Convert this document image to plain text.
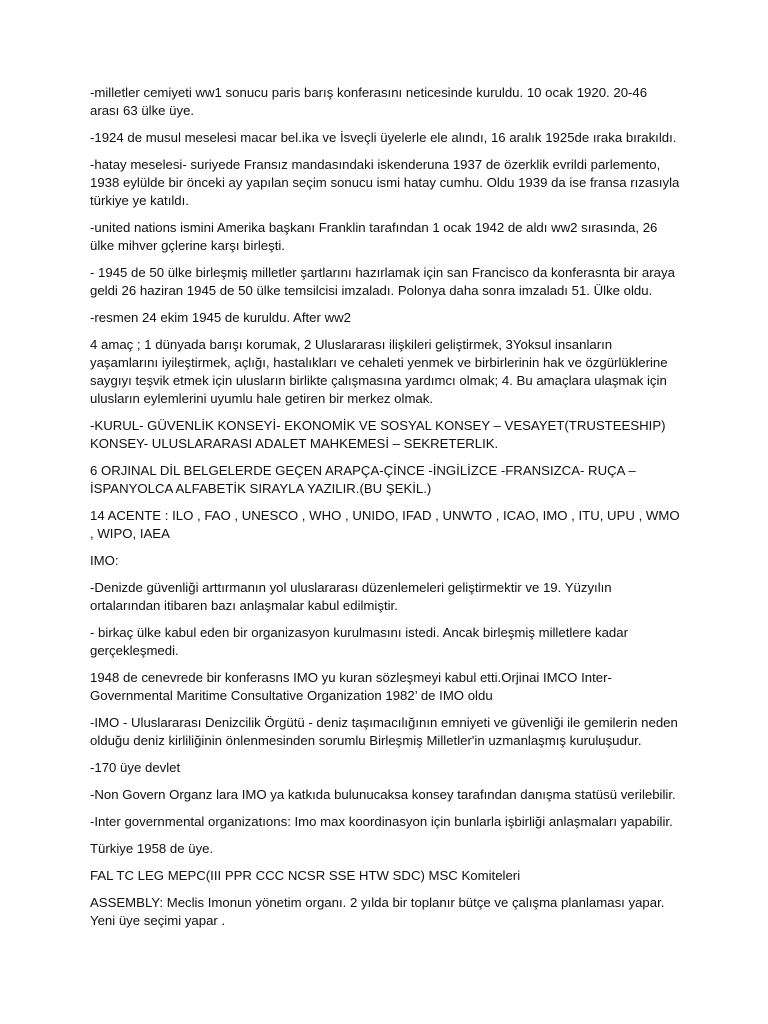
-milletler cemiyeti ww1 sonucu paris barış konferasını neticesinde kuruldu. 10 ocak 1920. 20-46 arası 63 ülke üye.

-1924 de musul meselesi macar bel.ika ve İsveçli üyelerle ele alındı, 16 aralık 1925de ıraka bırakıldı.

-hatay meselesi- suriyede Fransız mandasındaki iskenderuna 1937 de özerklik evrildi parlemento, 1938 eylülde bir önceki ay yapılan seçim sonucu ismi hatay cumhu. Oldu 1939 da ise fransa rızasıyla türkiye ye katıldı.

-united nations ismini Amerika başkanı Franklin tarafından 1 ocak 1942 de aldı ww2 sırasında, 26 ülke mihver gçlerine karşı birleşti.

- 1945 de 50 ülke birleşmiş milletler şartlarını hazırlamak için san Francisco da konferasnta bir araya geldi 26 haziran 1945 de 50 ülke temsilcisi imzaladı. Polonya daha sonra imzaladı 51. Ülke oldu.

-resmen 24 ekim 1945 de kuruldu. After ww2

4 amaç ; 1 dünyada barışı korumak, 2 Uluslararası ilişkileri geliştirmek, 3Yoksul insanların yaşamlarını iyileştirmek, açlığı, hastalıkları ve cehaleti yenmek ve birbirlerinin hak ve özgürlüklerine saygıyı teşvik etmek için ulusların birlikte çalışmasına yardımcı olmak; 4. Bu amaçlara ulaşmak için ulusların eylemlerini uyumlu hale getiren bir merkez olmak.

-KURUL- GÜVENLİK KONSEYİ- EKONOMİK VE SOSYAL KONSEY – VESAYET(TRUSTEESHIP) KONSEY- ULUSLARARASI ADALET MAHKEMESİ – SEKRETERLIK.

6 ORJINAL DİL BELGELERDE GEÇEN ARAPÇA-ÇİNCE -İNGİLİZCE -FRANSIZCA- RUÇA – İSPANYOLCA ALFABETİK SIRAYLA YAZILIR.(BU ŞEKİL.)

14 ACENTE : ILO , FAO , UNESCO , WHO , UNIDO, IFAD , UNWTO , ICAO, IMO , ITU, UPU , WMO , WIPO, IAEA

IMO:

-Denizde güvenliği arttırmanın yol uluslararası düzenlemeleri geliştirmektir ve 19. Yüzyılın ortalarından itibaren bazı anlaşmalar kabul edilmiştir.

- birkaç ülke kabul eden bir organizasyon kurulmasını istedi. Ancak birleşmiş milletlere kadar gerçekleşmedi.

1948 de cenevrede bir konferasns IMO yu kuran sözleşmeyi kabul etti.Orjinai IMCO Inter-Governmental Maritime Consultative Organization 1982’ de IMO oldu

-IMO - Uluslararası Denizcilik Örgütü - deniz taşımacılığının emniyeti ve güvenliği ile gemilerin neden olduğu deniz kirliliğinin önlenmesinden sorumlu Birleşmiş Milletler'in uzmanlaşmış kuruluşudur.

-170 üye devlet

-Non Govern Organz lara IMO ya katkıda bulunucaksa konsey tarafından danışma statüsü verilebilir.

-Inter governmental organizatıons: Imo max koordinasyon için bunlarla işbirliği anlaşmaları yapabilir.

Türkiye 1958 de üye.

FAL TC LEG MEPC(III PPR CCC NCSR SSE HTW SDC) MSC Komiteleri

ASSEMBLY: Meclis Imonun yönetim organı. 2 yılda bir toplanır bütçe ve çalışma planlaması yapar. Yeni üye seçimi yapar .
